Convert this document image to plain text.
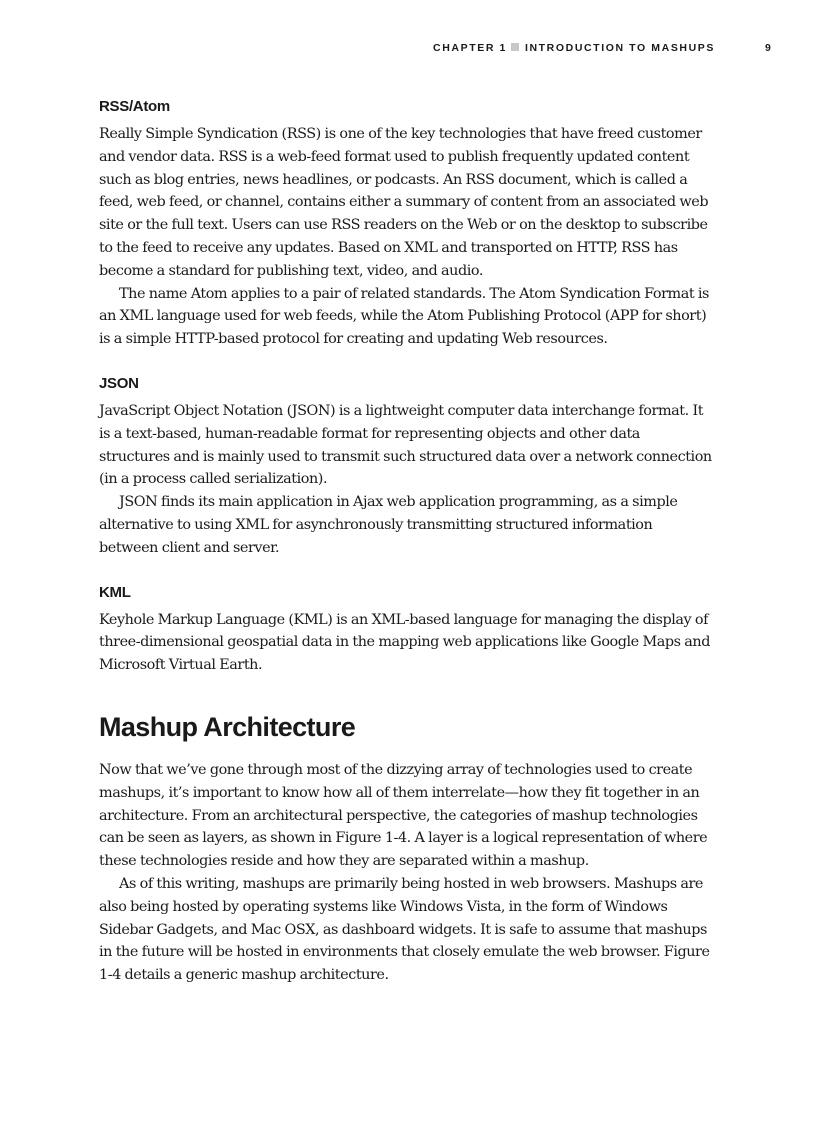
CHAPTER 1 INTRODUCTION TO MASHUPS	9
RSS/Atom

Really Simple Syndication (RSS) is one of the key technologies that have freed customer and vendor data. RSS is a web-feed format used to publish frequently updated content such as blog entries, news headlines, or podcasts. An RSS document, which is called a feed, web feed, or channel, contains either a summary of content from an associated web site or the full text. Users can use RSS readers on the Web or on the desktop to subscribe to the feed to receive any updates. Based on XML and transported on HTTP, RSS has become a standard for publishing text, video, and audio.

The name Atom applies to a pair of related standards. The Atom Syndication Format is an XML language used for web feeds, while the Atom Publishing Protocol (APP for short) is a simple HTTP-based protocol for creating and updating Web resources.

JSON

JavaScript Object Notation (JSON) is a lightweight computer data interchange format. It is a text-based, human-readable format for representing objects and other data structures and is mainly used to transmit such structured data over a network connection (in a process called serialization).

JSON finds its main application in Ajax web application programming, as a simple alternative to using XML for asynchronously transmitting structured information between client and server.

KML

Keyhole Markup Language (KML) is an XML-based language for managing the display of three-dimensional geospatial data in the mapping web applications like Google Maps and Microsoft Virtual Earth.

Mashup Architecture

Now that we’ve gone through most of the dizzying array of technologies used to create mashups, it’s important to know how all of them interrelate—how they fit together in an architecture. From an architectural perspective, the categories of mashup technologies can be seen as layers, as shown in Figure 1-4. A layer is a logical representation of where these technologies reside and how they are separated within a mashup.

As of this writing, mashups are primarily being hosted in web browsers. Mashups are also being hosted by operating systems like Windows Vista, in the form of Windows Sidebar Gadgets, and Mac OSX, as dashboard widgets. It is safe to assume that mashups in the future will be hosted in environments that closely emulate the web browser. Figure 1-4 details a generic mashup architecture.
